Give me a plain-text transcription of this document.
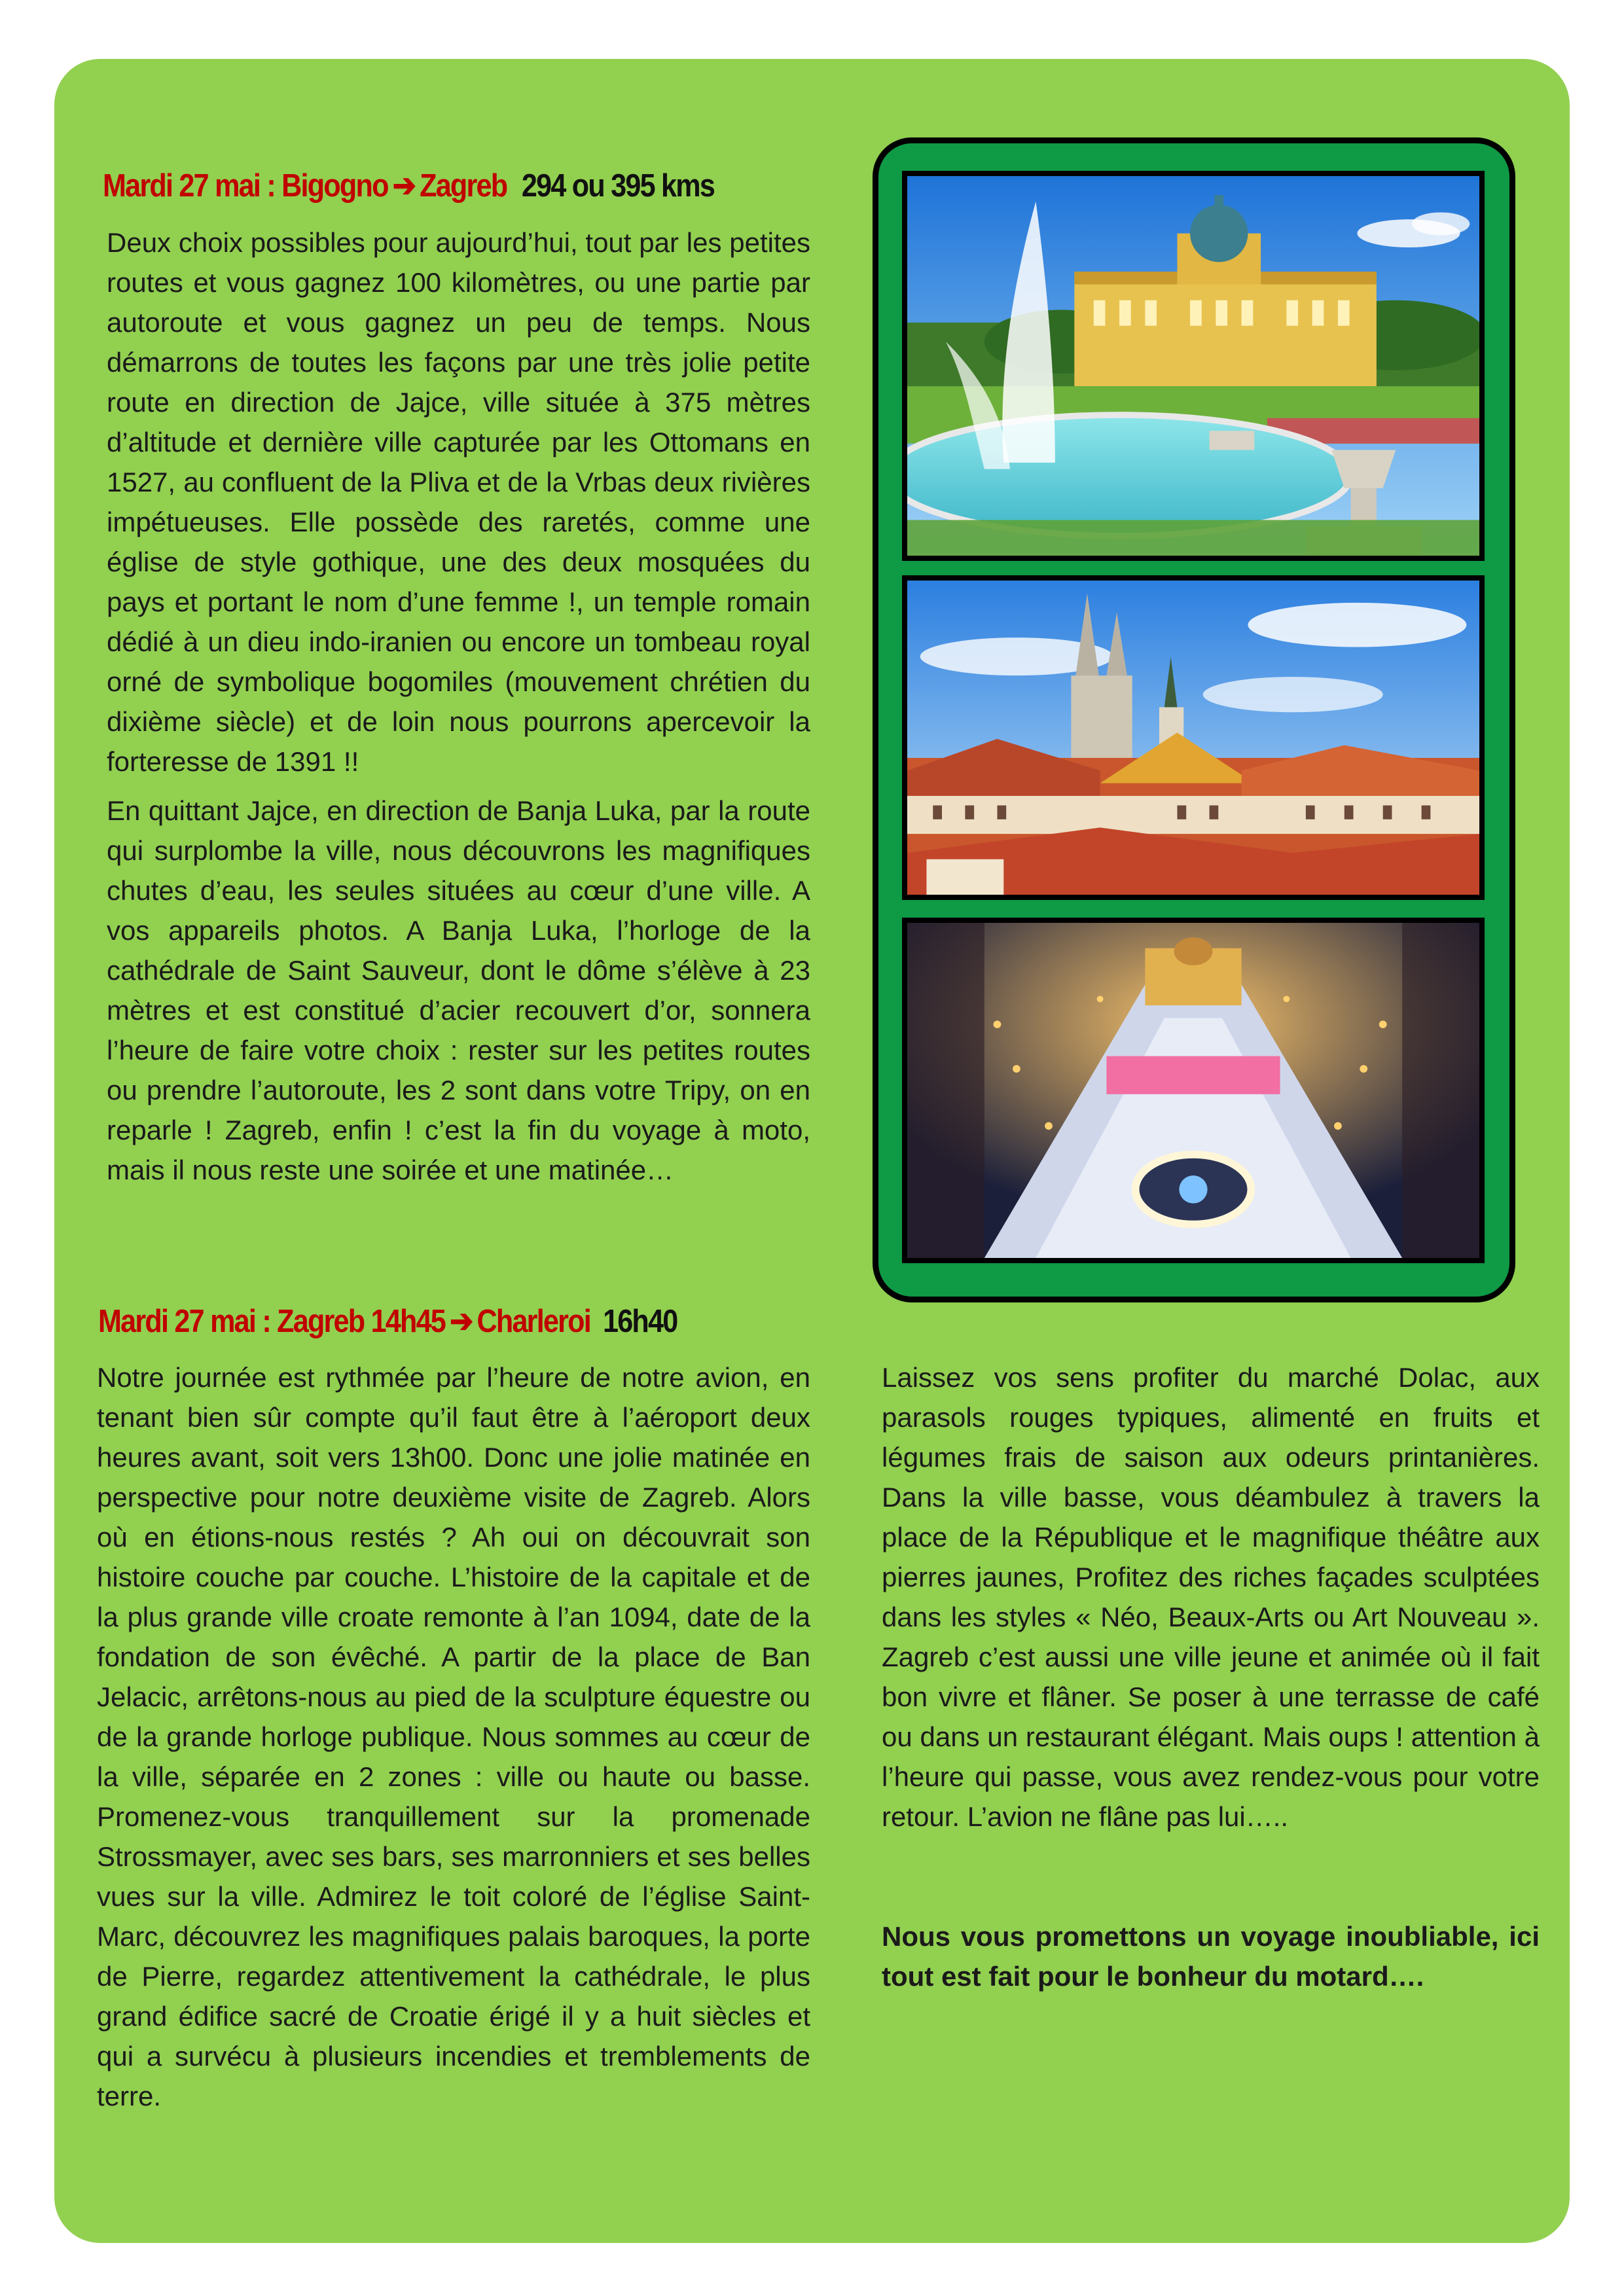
Mardi 27 mai : Bigogno ➔ Zagreb 294 ou 395 kms

Deux choix possibles pour aujourd’hui, tout par les petites routes et vous gagnez 100 kilomètres, ou une partie par autoroute et vous gagnez un peu de temps. Nous démarrons de toutes les façons par une très jolie petite route en direction de Jajce, ville située à 375 mètres d’altitude et dernière ville capturée par les Ottomans en 1527, au confluent de la Pliva et de la Vrbas deux rivières impétueuses. Elle possède des raretés, comme une église de style gothique, une des deux mosquées du pays et portant le nom d’une femme !, un temple romain dédié à un dieu indo-iranien ou encore un tombeau royal orné de symbolique bogomiles (mouvement chrétien du dixième siècle) et de loin nous pourrons apercevoir la forteresse de 1391 !!

En quittant Jajce, en direction de Banja Luka, par la route qui surplombe la ville, nous découvrons les magnifiques chutes d’eau, les seules situées au cœur d’une ville. A vos appareils photos. A Banja Luka, l’horloge de la cathédrale de Saint Sauveur, dont le dôme s’élève à 23 mètres et est constitué d’acier recouvert d’or, sonnera l’heure de faire votre choix : rester sur les petites routes ou prendre l’autoroute, les 2 sont dans votre Tripy, on en reparle ! Zagreb, enfin ! c’est la fin du voyage à moto, mais il nous reste une soirée et une matinée…

Mardi 27 mai : Zagreb 14h45 ➔ Charleroi 16h40

Notre journée est rythmée par l’heure de notre avion, en tenant bien sûr compte qu’il faut être à l’aéroport deux heures avant, soit vers 13h00. Donc une jolie matinée en perspective pour notre deuxième visite de Zagreb. Alors où en étions-nous restés ? Ah oui on découvrait son histoire couche par couche. L’histoire de la capitale et de la plus grande ville croate remonte à l’an 1094, date de la fondation de son évêché. A partir de la place de Ban Jelacic, arrêtons-nous au pied de la sculpture équestre ou de la grande horloge publique. Nous sommes au cœur de la ville, séparée en 2 zones : ville ou haute ou basse. Promenez-vous tranquillement sur la promenade Strossmayer, avec ses bars, ses marronniers et ses belles vues sur la ville. Admirez le toit coloré de l’église Saint-Marc, découvrez les magnifiques palais baroques, la porte de Pierre, regardez attentivement la cathédrale, le plus grand édifice sacré de Croatie érigé il y a huit siècles et qui a survécu à plusieurs incendies et tremblements de terre.

Laissez vos sens profiter du marché Dolac, aux parasols rouges typiques, alimenté en fruits et légumes frais de saison aux odeurs printanières. Dans la ville basse, vous déambulez à travers la place de la République et le magnifique théâtre aux pierres jaunes, Profitez des riches façades sculptées dans les styles « Néo, Beaux-Arts ou Art Nouveau ». Zagreb c’est aussi une ville jeune et animée où il fait bon vivre et flâner. Se poser à une terrasse de café ou dans un restaurant élégant. Mais oups ! attention à l’heure qui passe, vous avez rendez-vous pour votre retour. L’avion ne flâne pas lui…..

Nous vous promettons un voyage inoubliable, ici tout est fait pour le bonheur du motard….
